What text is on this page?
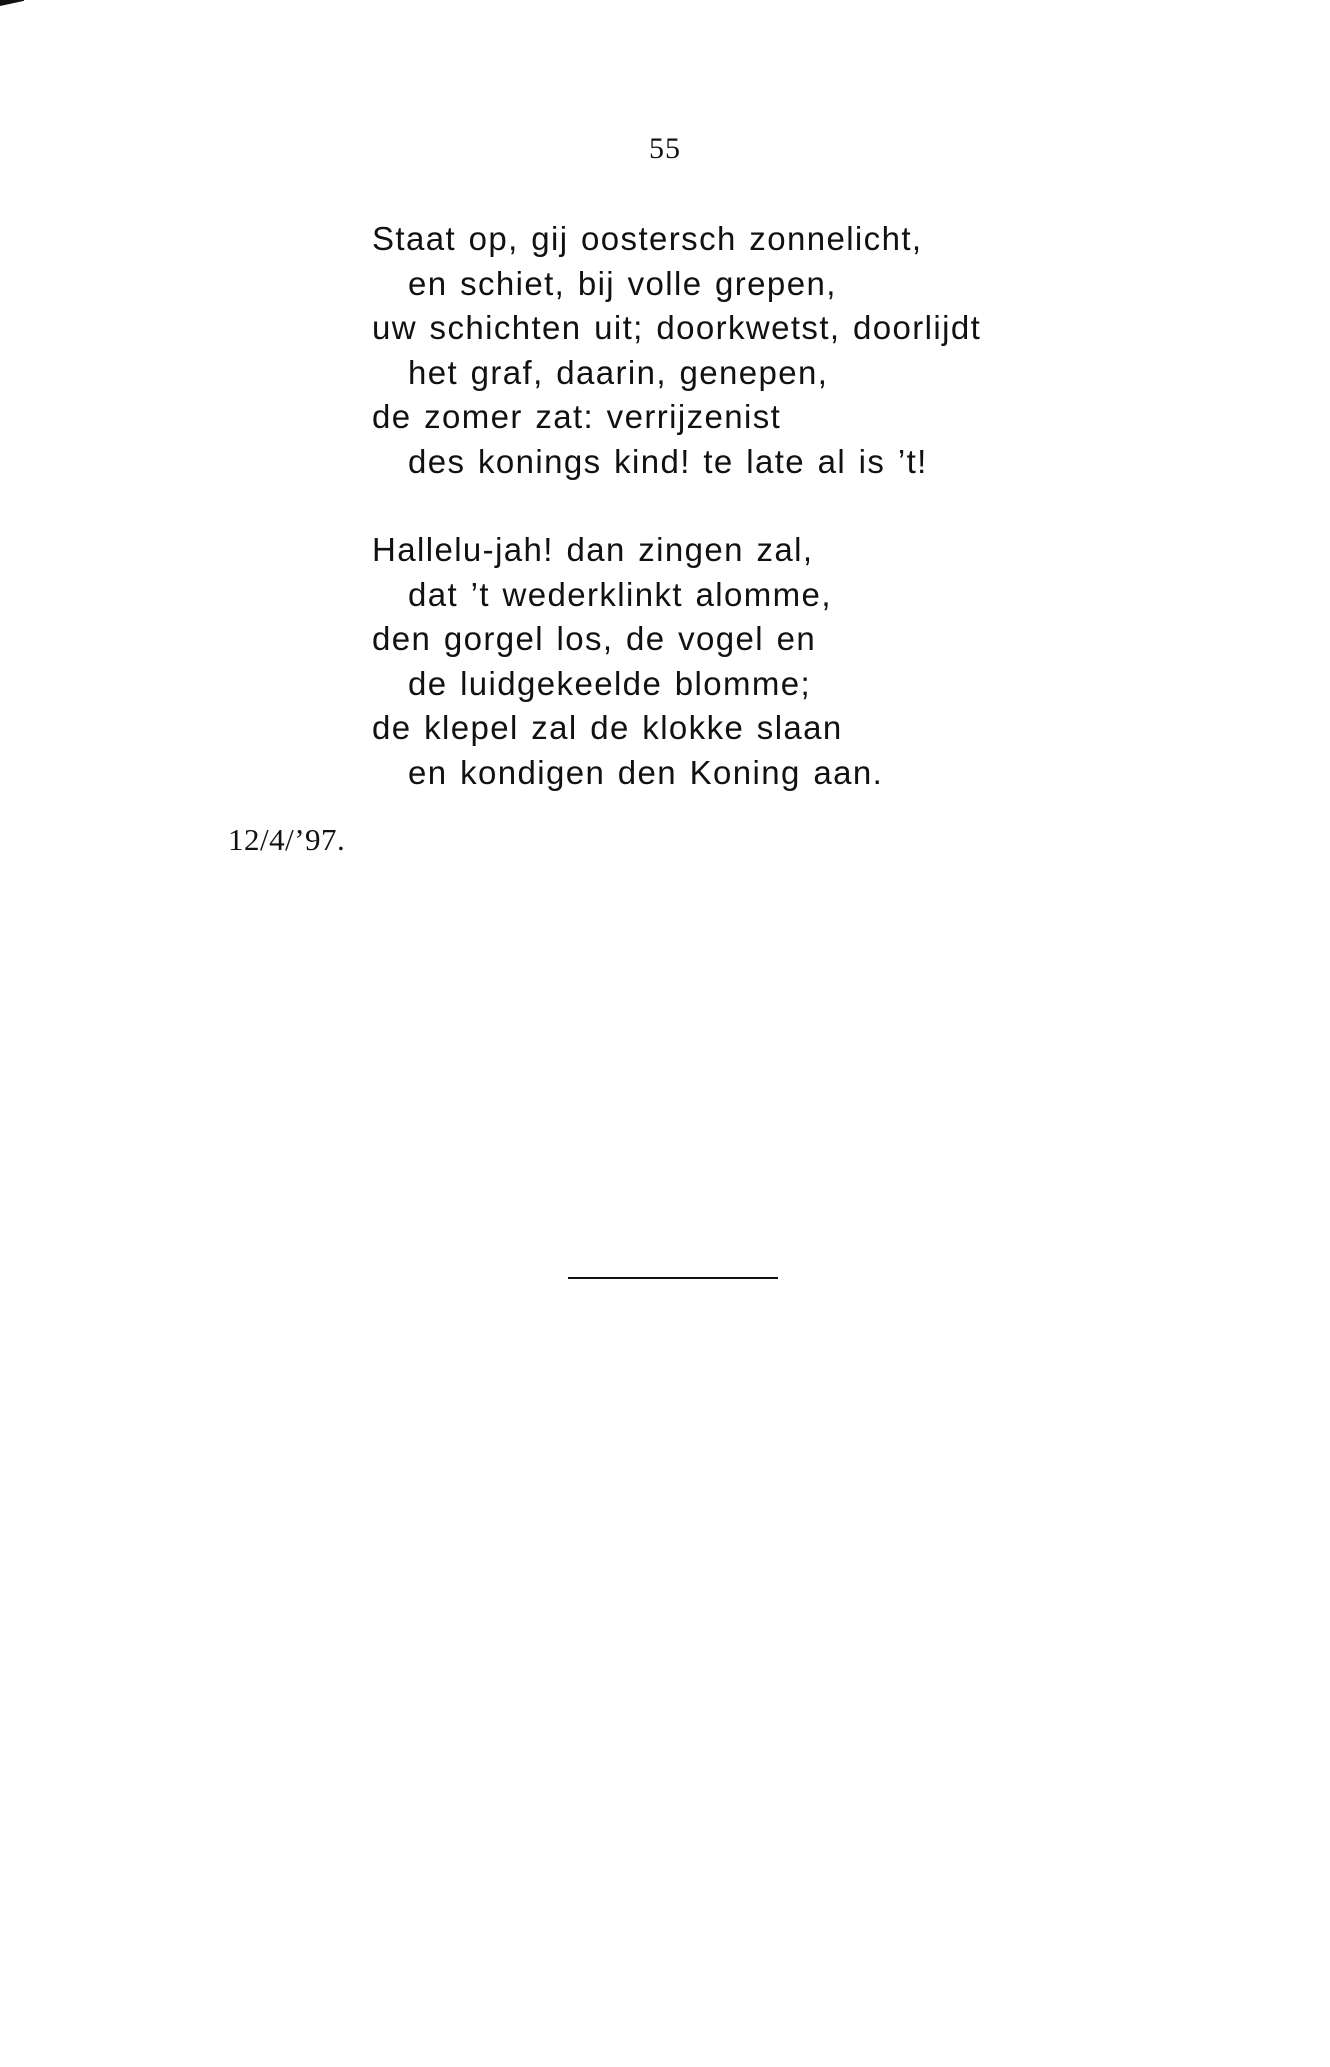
55
Staat op, gij oostersch zonnelicht,
en schiet, bij volle grepen,
uw schichten uit; doorkwetst, doorlijdt
het graf, daarin, genepen,
de zomer zat: verrijzenist
des konings kind! te late al is ’t!
Hallelu-jah! dan zingen zal,
dat ’t wederklinkt alomme,
den gorgel los, de vogel en
de luidgekeelde blomme;
de klepel zal de klokke slaan
en kondigen den Koning aan.
12/4/’97.
